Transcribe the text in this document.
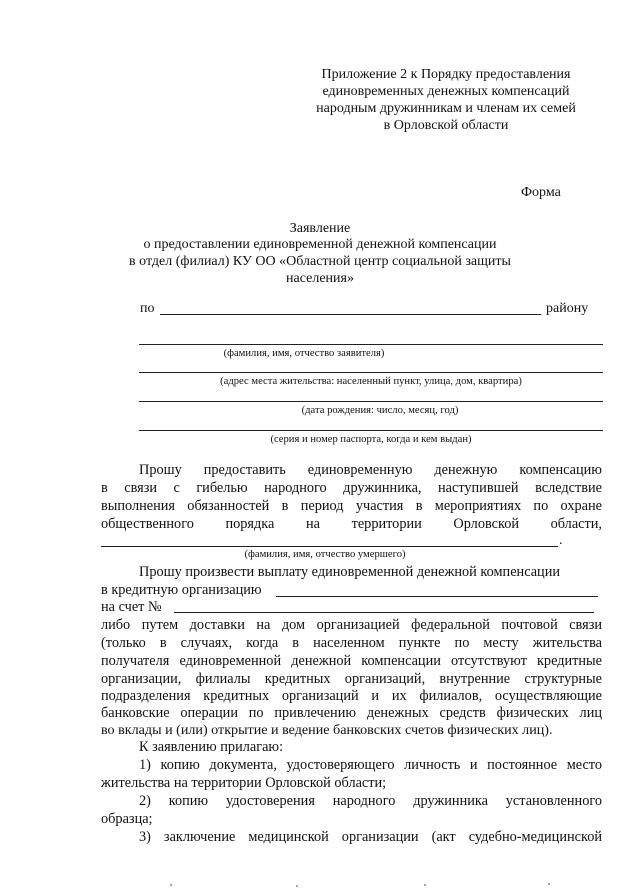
Приложение 2 к Порядку предоставления
единовременных денежных компенсаций
народным дружинникам и членам их семей
в Орловской области
Форма
Заявление
о предоставлении единовременной денежной компенсации
в отдел (филиал) КУ ОО «Областной центр социальной защиты
населения»
по	району
(фамилия, имя, отчество заявителя)
(адрес места жительства: населенный пункт, улица, дом, квартира)
(дата рождения: число, месяц, год)
(серия и номер паспорта, когда и кем выдан)
Прошу предоставить единовременную денежную компенсацию
в связи с гибелью народного дружинника, наступившей вследствие
выполнения обязанностей в период участия в мероприятиях по охране
общественного порядка на территории Орловской области,
.
(фамилия, имя, отчество умершего)
Прошу произвести выплату единовременной денежной компенсации
в кредитную организацию
на счет №
либо путем доставки на дом организацией федеральной почтовой связи
(только в случаях, когда в населенном пункте по месту жительства
получателя единовременной денежной компенсации отсутствуют кредитные
организации, филиалы кредитных организаций, внутренние структурные
подразделения кредитных организаций и их филиалов, осуществляющие
банковские операции по привлечению денежных средств физических лиц
во вклады и (или) открытие и ведение банковских счетов физических лиц).
К заявлению прилагаю:
1) копию документа, удостоверяющего личность и постоянное место
жительства на территории Орловской области;
2) копию удостоверения народного дружинника установленного
образца;
3) заключение медицинской организации (акт судебно-медицинской
